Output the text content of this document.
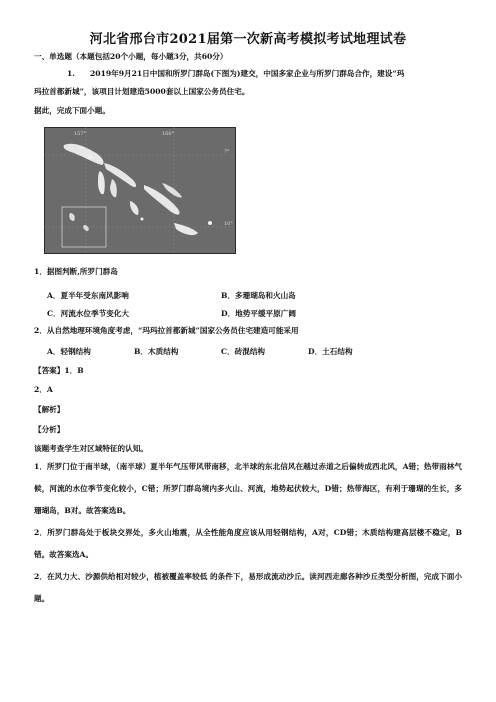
河北省邢台市2021届第一次新高考模拟考试地理试卷
一、单选题（本题包括20个小题，每小题3分，共60分）
1. 2019年9月21日中国和所罗门群岛(下图为)建交，中国多家企业与所罗门群岛合作，建设“玛
玛拉首都新城”，该项目计划建造5000套以上国家公务员住宅。
据此，完成下面小题。
157°	160°
7°
10°
1．据图判断,所罗门群岛
A．夏半年受东南风影响	B．多珊瑚岛和火山岛
C．河流水位季节变化大	D．地势平缓平原广阔
2．从自然地理环境角度考虑，“玛玛拉首都新城”国家公务员住宅建造可能采用
A．轻钢结构	B．木质结构	C．砖混结构	D．土石结构
【答案】1．B
2．A
【解析】
【分析】
该题考查学生对区域特征的认知。
1．所罗门位于南半球，（南半球）夏半年气压带风带南移，北半球的东北信风在越过赤道之后偏转成西北风，A错；热带雨林气候，河流的水位季节变化较小，C错；所罗门群岛境内多火山、河流，地势起伏较大，D错；热带海区，有利于珊瑚的生长，多珊瑚岛，B对。故答案选B。
2．所罗门群岛处于板块交界处，多火山地震，从全性能角度应该从用轻钢结构，A对，CD错；木质结构建高层楼不稳定，B错。故答案选A。
2．在风力大、沙源供给相对较少，植被覆盖率较低 的条件下，易形成流动沙丘。读河西走廊各种沙丘类型分析图，完成下面小题。
